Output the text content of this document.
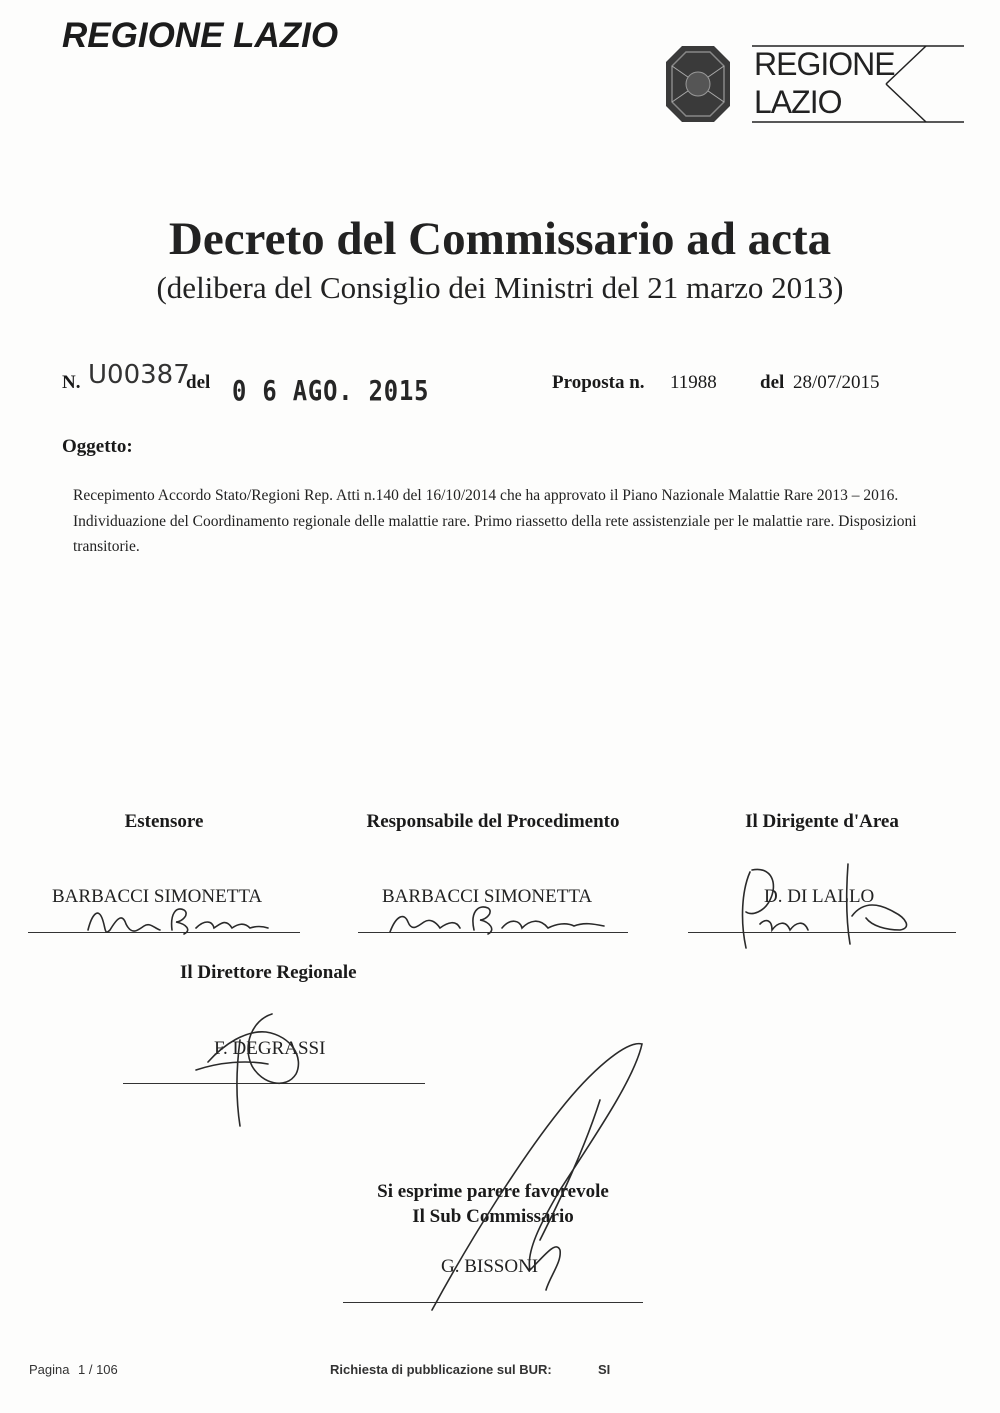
REGIONE LAZIO
REGIONE
LAZIO
Decreto del Commissario ad acta
(delibera del Consiglio dei Ministri del 21 marzo 2013)
N. U00387
del 0 6 AGO. 2015	Proposta n. 11988 del 28/07/2015
Oggetto:
Recepimento Accordo Stato/Regioni Rep. Atti n.140 del 16/10/2014 che ha approvato il Piano Nazionale Malattie Rare 2013 – 2016. Individuazione del Coordinamento regionale delle malattie rare. Primo riassetto della rete assistenziale per le malattie rare. Disposizioni transitorie.
Estensore	Responsabile del Procedimento	Il Dirigente d'Area
BARBACCI SIMONETTA	BARBACCI SIMONETTA	D. DI LALLO
Il Direttore Regionale
F. DEGRASSI
Si esprime parere favorevole
Il Sub Commissario
G. BISSONI
Pagina 1 / 106	Richiesta di pubblicazione sul BUR:	SI
